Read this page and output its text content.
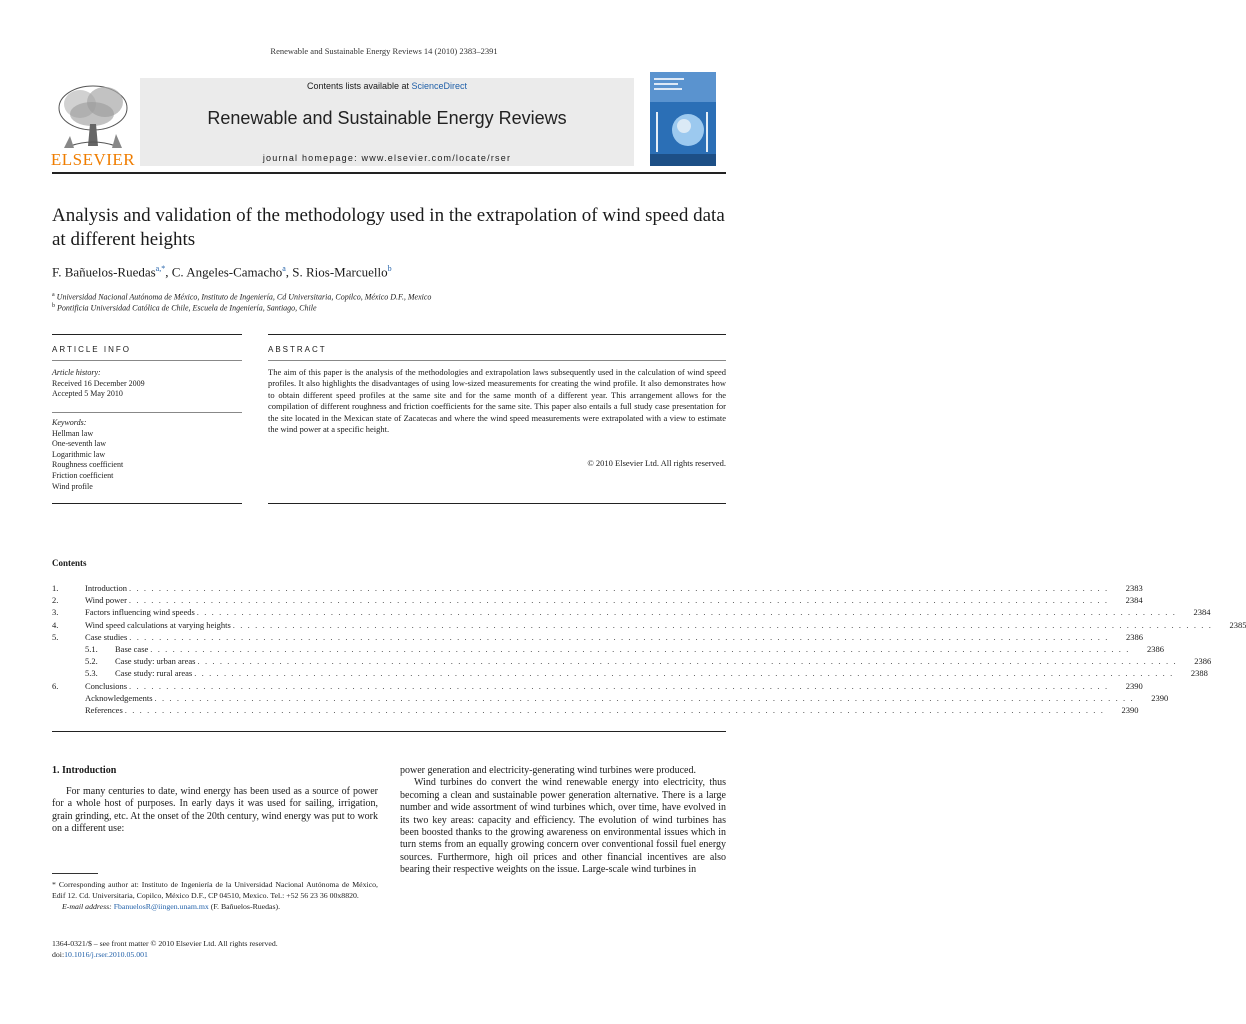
Renewable and Sustainable Energy Reviews 14 (2010) 2383–2391
Contents lists available at ScienceDirect
Renewable and Sustainable Energy Reviews
journal homepage: www.elsevier.com/locate/rser
ELSEVIER
Analysis and validation of the methodology used in the extrapolation of wind speed data at different heights
F. Bañuelos-Ruedas$^{a,*}$, C. Angeles-Camacho$^a$, S. Rios-Marcuello$^b$
$^a$ Universidad Nacional Autónoma de México, Instituto de Ingeniería, Cd Universitaria, Copilco, México D.F., Mexico
$^b$ Pontificia Universidad Católica de Chile, Escuela de Ingeniería, Santiago, Chile
ARTICLE INFO	ABSTRACT
Article history:
Received 16 December 2009
Accepted 5 May 2010
Keywords:
Hellman law
One-seventh law
Logarithmic law
Roughness coefficient
Friction coefficient
Wind profile
The aim of this paper is the analysis of the methodologies and extrapolation laws subsequently used in the calculation of wind speed profiles. It also highlights the disadvantages of using low-sized measurements for creating the wind profile. It also demonstrates how to obtain different speed profiles at the same site and for the same month of a different year. This arrangement allows for the compilation of different roughness and friction coefficients for the same site. This paper also entails a full study case presentation for the site located in the Mexican state of Zacatecas and where the wind speed measurements were extrapolated with a view to estimate the wind power at a specific height.
© 2010 Elsevier Ltd. All rights reserved.
Contents
1.	Introduction . . . . . . . . . . . . . . . . . . . . . . . . . . . . . . . . . . . . . . . . . . . . . . . . . . . . . . . . . . . . . . . . . . . . . . . . . . . . . . . . . . . . . . . . . . . . . . . . . . . . . . . . . . . . . . . . . . . . . . . . . . . . . . . . . . . .	2383
2.	Wind power . . . . . . . . . . . . . . . . . . . . . . . . . . . . . . . . . . . . . . . . . . . . . . . . . . . . . . . . . . . . . . . . . . . . . . . . . . . . . . . . . . . . . . . . . . . . . . . . . . . . . . . . . . . . . . . . . . . . . . . . . . . . . . . . . . . .	2384
3.	Factors influencing wind speeds . . . . . . . . . . . . . . . . . . . . . . . . . . . . . . . . . . . . . . . . . . . . . . . . . . . . . . . . . . . . . . . . . . . . . . . . . . . . . . . . . . . . . . . . . . . . . . . . . . . . . . . . . . . . . . . . . . . . . . . . . . . . . . . . . . . .	2384
4.	Wind speed calculations at varying heights . . . . . . . . . . . . . . . . . . . . . . . . . . . . . . . . . . . . . . . . . . . . . . . . . . . . . . . . . . . . . . . . . . . . . . . . . . . . . . . . . . . . . . . . . . . . . . . . . . . . . . . . . . . . . . . . . . . . . . . . . . . . . . . . . . . .	2385
5.	Case studies . . . . . . . . . . . . . . . . . . . . . . . . . . . . . . . . . . . . . . . . . . . . . . . . . . . . . . . . . . . . . . . . . . . . . . . . . . . . . . . . . . . . . . . . . . . . . . . . . . . . . . . . . . . . . . . . . . . . . . . . . . . . . . . . . . . .	2386
5.1.	Base case . . . . . . . . . . . . . . . . . . . . . . . . . . . . . . . . . . . . . . . . . . . . . . . . . . . . . . . . . . . . . . . . . . . . . . . . . . . . . . . . . . . . . . . . . . . . . . . . . . . . . . . . . . . . . . . . . . . . . . . . . . . . . . . . . . . .	2386
5.2.	Case study: urban areas . . . . . . . . . . . . . . . . . . . . . . . . . . . . . . . . . . . . . . . . . . . . . . . . . . . . . . . . . . . . . . . . . . . . . . . . . . . . . . . . . . . . . . . . . . . . . . . . . . . . . . . . . . . . . . . . . . . . . . . . . . . . . . . . . . . .	2386
5.3.	Case study: rural areas . . . . . . . . . . . . . . . . . . . . . . . . . . . . . . . . . . . . . . . . . . . . . . . . . . . . . . . . . . . . . . . . . . . . . . . . . . . . . . . . . . . . . . . . . . . . . . . . . . . . . . . . . . . . . . . . . . . . . . . . . . . . . . . . . . . .	2388
6.	Conclusions . . . . . . . . . . . . . . . . . . . . . . . . . . . . . . . . . . . . . . . . . . . . . . . . . . . . . . . . . . . . . . . . . . . . . . . . . . . . . . . . . . . . . . . . . . . . . . . . . . . . . . . . . . . . . . . . . . . . . . . . . . . . . . . . . . . .	2390
Acknowledgements . . . . . . . . . . . . . . . . . . . . . . . . . . . . . . . . . . . . . . . . . . . . . . . . . . . . . . . . . . . . . . . . . . . . . . . . . . . . . . . . . . . . . . . . . . . . . . . . . . . . . . . . . . . . . . . . . . . . . . . . . . . . . . . . . . . .	2390
References . . . . . . . . . . . . . . . . . . . . . . . . . . . . . . . . . . . . . . . . . . . . . . . . . . . . . . . . . . . . . . . . . . . . . . . . . . . . . . . . . . . . . . . . . . . . . . . . . . . . . . . . . . . . . . . . . . . . . . . . . . . . . . . . . . . .	2390
1. Introduction
For many centuries to date, wind energy has been used as a source of power for a whole host of purposes. In early days it was used for sailing, irrigation, grain grinding, etc. At the onset of the 20th century, wind energy was put to work on a different use:

power generation and electricity-generating wind turbines were produced.

Wind turbines do convert the wind renewable energy into electricity, thus becoming a clean and sustainable power generation alternative. There is a large number and wide assortment of wind turbines which, over time, have evolved in its two key areas: capacity and efficiency. The evolution of wind turbines has been boosted thanks to the growing awareness on environmental issues which in turn stems from an equally growing concern over conventional fossil fuel energy sources. Furthermore, high oil prices and other financial incentives are also bearing their respective weights on the issue. Large-scale wind turbines in

* Corresponding author at: Instituto de Ingeniería de la Universidad Nacional Autónoma de México, Edif 12. Cd. Universitaria, Copilco, México D.F., CP 04510, Mexico. Tel.: +52 56 23 36 00x8820.
E-mail address: FbanuelosR@iingen.unam.mx (F. Bañuelos-Ruedas).
1364-0321/$ – see front matter © 2010 Elsevier Ltd. All rights reserved.
doi:10.1016/j.rser.2010.05.001
